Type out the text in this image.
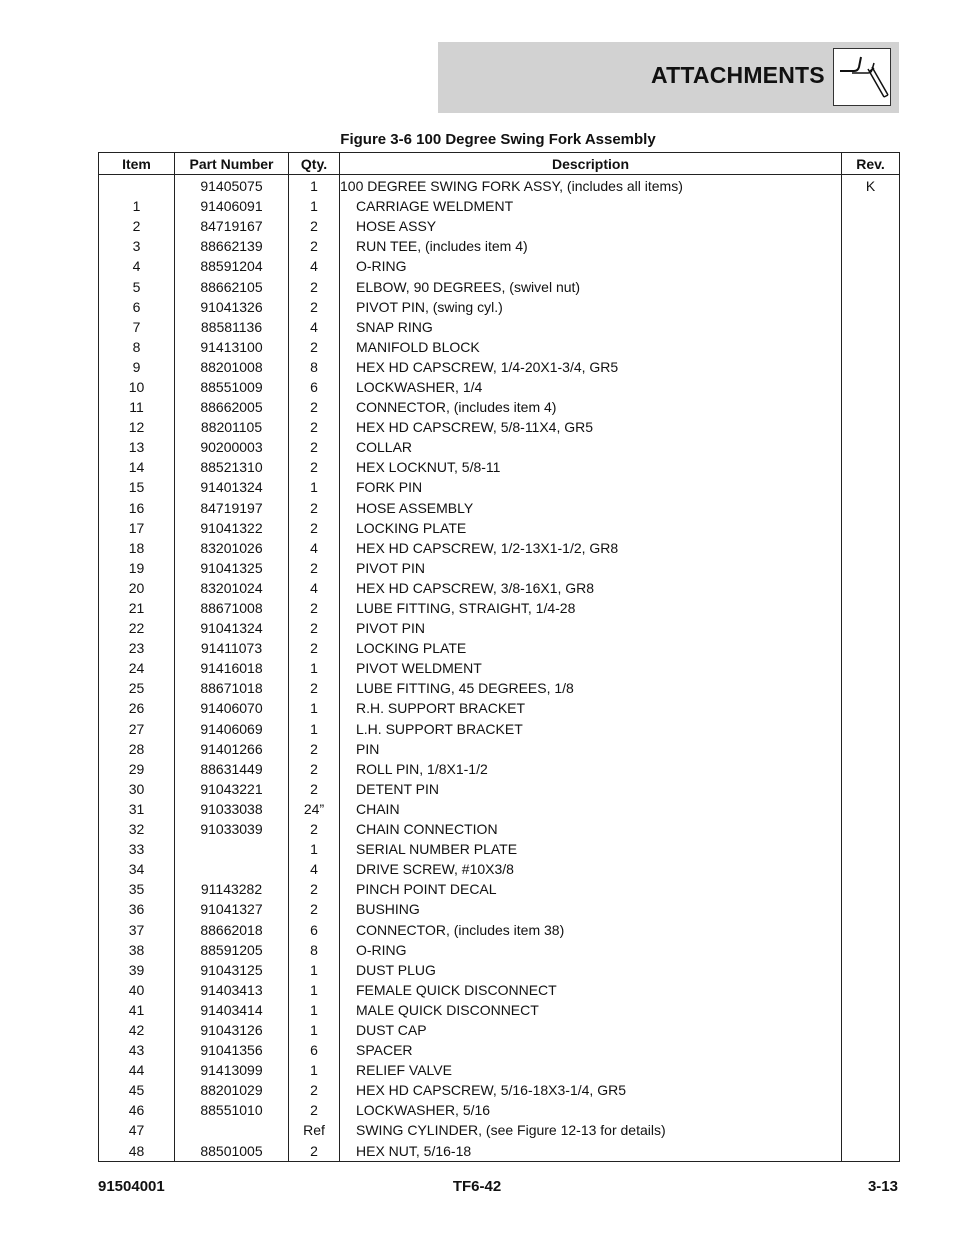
ATTACHMENTS
Figure 3-6 100 Degree Swing Fork Assembly
Item	Part Number	Qty.	Description	Rev.
	91405075	1	100 DEGREE SWING FORK ASSY, (includes all items)	K
1	91406091	1	CARRIAGE WELDMENT	
2	84719167	2	HOSE ASSY	
3	88662139	2	RUN TEE, (includes item 4)	
4	88591204	4	O-RING	
5	88662105	2	ELBOW, 90 DEGREES, (swivel nut)	
6	91041326	2	PIVOT PIN, (swing cyl.)	
7	88581136	4	SNAP RING	
8	91413100	2	MANIFOLD BLOCK	
9	88201008	8	HEX HD CAPSCREW, 1/4-20X1-3/4, GR5	
10	88551009	6	LOCKWASHER, 1/4	
11	88662005	2	CONNECTOR, (includes item 4)	
12	88201105	2	HEX HD CAPSCREW, 5/8-11X4, GR5	
13	90200003	2	COLLAR	
14	88521310	2	HEX LOCKNUT, 5/8-11	
15	91401324	1	FORK PIN	
16	84719197	2	HOSE ASSEMBLY	
17	91041322	2	LOCKING PLATE	
18	83201026	4	HEX HD CAPSCREW, 1/2-13X1-1/2, GR8	
19	91041325	2	PIVOT PIN	
20	83201024	4	HEX HD CAPSCREW, 3/8-16X1, GR8	
21	88671008	2	LUBE FITTING, STRAIGHT, 1/4-28	
22	91041324	2	PIVOT PIN	
23	91411073	2	LOCKING PLATE	
24	91416018	1	PIVOT WELDMENT	
25	88671018	2	LUBE FITTING, 45 DEGREES, 1/8	
26	91406070	1	R.H. SUPPORT BRACKET	
27	91406069	1	L.H. SUPPORT BRACKET	
28	91401266	2	PIN	
29	88631449	2	ROLL PIN, 1/8X1-1/2	
30	91043221	2	DETENT PIN	
31	91033038	24”	CHAIN	
32	91033039	2	CHAIN CONNECTION	
33		1	SERIAL NUMBER PLATE	
34		4	DRIVE SCREW, #10X3/8	
35	91143282	2	PINCH POINT DECAL	
36	91041327	2	BUSHING	
37	88662018	6	CONNECTOR, (includes item 38)	
38	88591205	8	O-RING	
39	91043125	1	DUST PLUG	
40	91403413	1	FEMALE QUICK DISCONNECT	
41	91403414	1	MALE QUICK DISCONNECT	
42	91043126	1	DUST CAP	
43	91041356	6	SPACER	
44	91413099	1	RELIEF VALVE	
45	88201029	2	HEX HD CAPSCREW, 5/16-18X3-1/4, GR5	
46	88551010	2	LOCKWASHER, 5/16	
47		Ref	SWING CYLINDER, (see Figure 12-13 for details)	
48	88501005	2	HEX NUT, 5/16-18	
91504001	TF6-42	3-13
